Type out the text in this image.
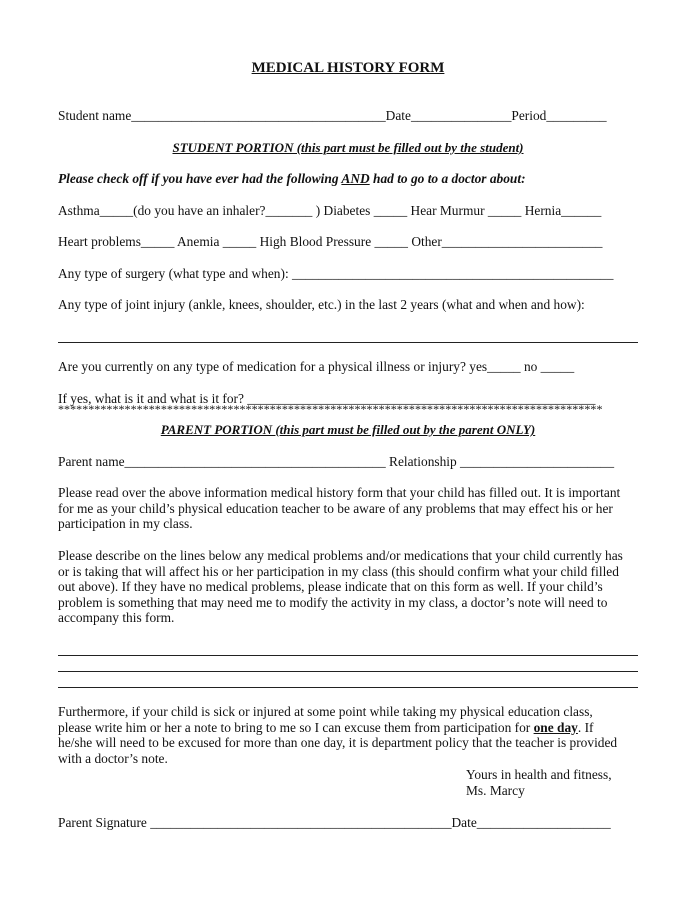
MEDICAL HISTORY FORM
Student name______________________________________Date_______________Period_________
STUDENT PORTION (this part must be filled out by the student)
Please check off if you have ever had the following AND had to go to a doctor about:
Asthma_____(do you have an inhaler?_______ ) Diabetes _____ Hear Murmur _____ Hernia______
Heart problems_____ Anemia _____ High Blood Pressure _____ Other________________________
Any type of surgery (what type and when): ________________________________________________
Any type of joint injury (ankle, knees, shoulder, etc.) in the last 2 years (what and when and how):
Are you currently on any type of medication for a physical illness or injury? yes_____ no _____
If yes, what is it and what is it for? ____________________________________________________
******************************************************************************************
PARENT PORTION (this part must be filled out by the parent ONLY)
Parent name_______________________________________ Relationship _______________________
Please read over the above information medical history form that your child has filled out. It is important
for me as your child’s physical education teacher to be aware of any problems that may effect his or her
participation in my class.
Please describe on the lines below any medical problems and/or medications that your child currently has
or is taking that will affect his or her participation in my class (this should confirm what your child filled
out above). If they have no medical problems, please indicate that on this form as well. If your child’s
problem is something that may need me to modify the activity in my class, a doctor’s note will need to
accompany this form.
Furthermore, if your child is sick or injured at some point while taking my physical education class,
please write him or her a note to bring to me so I can excuse them from participation for one day. If
he/she will need to be excused for more than one day, it is department policy that the teacher is provided
with a doctor’s note.
Yours in health and fitness,
Ms. Marcy
Parent Signature _____________________________________________Date____________________
